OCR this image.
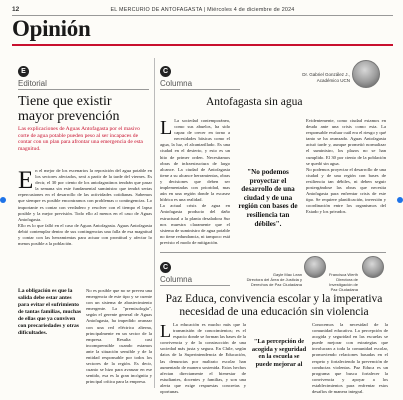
12	EL MERCURIO DE ANTOFAGASTA | Miércoles 4 de diciembre de 2024
Opinión
E
Editorial
Tiene que existir mayor prevención
Las explicaciones de Aguas Antofagasta por el masivo corte de agua potable pueden peso al ser incapaces de contar con un plan para afrontar una emergencia de esta magnitud.
En el mejor de los escenarios la reposición del agua potable en los sectores afectados, será a partir de la tarde del viernes. Es decir, el 30 por ciento de los antofagastinos tendrán que pasar la semana sin este fundamental suministro que tendrá serias repercusiones en el desarrollo de las actividades cotidianas. Sabemos que siempre es posible encontrarnos con problemas o contingencias. Lo importante es contar con verdadero y resolver con el tiempo el lapso posible y la mejor previsión. Todo ello al menos en el caso de Aguas Antofagasta.
Ello es lo que falló en el caso de Aguas Antofagasta. Aguas Antofagasta debió contemplar dentro de sus contingencias una falla de esa magnitud y contar con las herramientas para actuar con prontitud y afectar lo menos posible a la población.
La obligación es que la salida debe estar antes para evitar el sufrimiento de tantas familias, muchas de ellas que ya conviven con precariedades y otras dificultades.
No es posible que no se prevea una emergencia de este tipo y se cuente con un sistema de abastecimiento emergente. La "premisología", según el gerente general de Aguas Antofagasta, ha impedido avanzar con una red eléctrica alterna, principalmente en un sector de la empresa. Resulta casi incomprensible cuando estamos ante la situación sensible y de la entidad responsable por todos los sectores de la región. Es decir, cuanto se hizo para avanzar en ese sentido, esa es la gran incógnita y principal crítica para la empresa.
C
Columna
Dr. Gabriel González J.,
Académico UCN
Antofagasta sin agua
L La sociedad contemporánea, como sus abuelos, ha sido capaz de crecer en torno a necesidades básicas como el agua, la luz, el alcantarillado. Es una ciudad en el desierto, y esto es un hito de primer orden. Necesitamos obras de infraestructura de largo alcance. La ciudad de Antofagasta tiene a su alcance herramientas, obras y decisiones que deben ser implementadas con prioridad, mas aún en una región donde la escasez hídrica es una realidad.
La actual crisis de agua en Antofagasta producto del daño estructural a la planta desaladora Sur nos muestra claramente que el sistema de suministro de agua potable no tiene redundancia, ni tampoco está previsto el modo de mitigación.
"No podemos proyectar el desarrollo de una ciudad y de una región con bases de resiliencia tan débiles".
Evidentemente, como ciudad estamos en deuda ante una crisis como esta. La responsable evaluar cuál era el riesgo y qué tanto se ha avanzado. Aguas Antofagasta actuó tarde y, aunque prometió normalizar el suministro, los plazos no se han cumplido. El 30 por ciento de la población se quedó sin agua.
No podemos proyectar el desarrollo de una ciudad y de una región con bases de resiliencia tan débiles, ni deben seguir postergándose las obras que necesita Antofagasta para enfrentar crisis de este tipo. Se requiere planificación, inversión y coordinación entre los organismos del Estado y los privados.
C
Columna
Gayle Mac Lean
Directora del Área de Justicia y Derechos de Paz Ciudadana
Francisca Werth
Directora de Investigación de Paz Ciudadana
Paz Educa, convivencia escolar y la imperativa necesidad de una educación sin violencia
L La educación es mucho más que la transmisión de conocimientos; es el espacio donde se forman las bases de la convivencia y de la construcción de una sociedad más justa y segura. En Chile, según datos de la Superintendencia de Educación, las denuncias por maltrato escolar han aumentado de manera sostenida. Estos hechos afectan directamente el bienestar de estudiantes, docentes y familias, y son una alerta que exige respuestas concretas y oportunas.
"La percepción de acogida y seguridad en la escuela se puede mejorar al
Conocemos la necesidad de la comunidad educativa. La percepción de acogida y seguridad en las escuelas se puede mejorar con estrategias que involucran a toda la comunidad escolar, promoviendo relaciones basadas en el respeto y fortaleciendo la prevención de conductas violentas. Paz Educa es un programa que busca fortalecer la convivencia y apoyar a los establecimientos para enfrentar estos desafíos de manera integral.
